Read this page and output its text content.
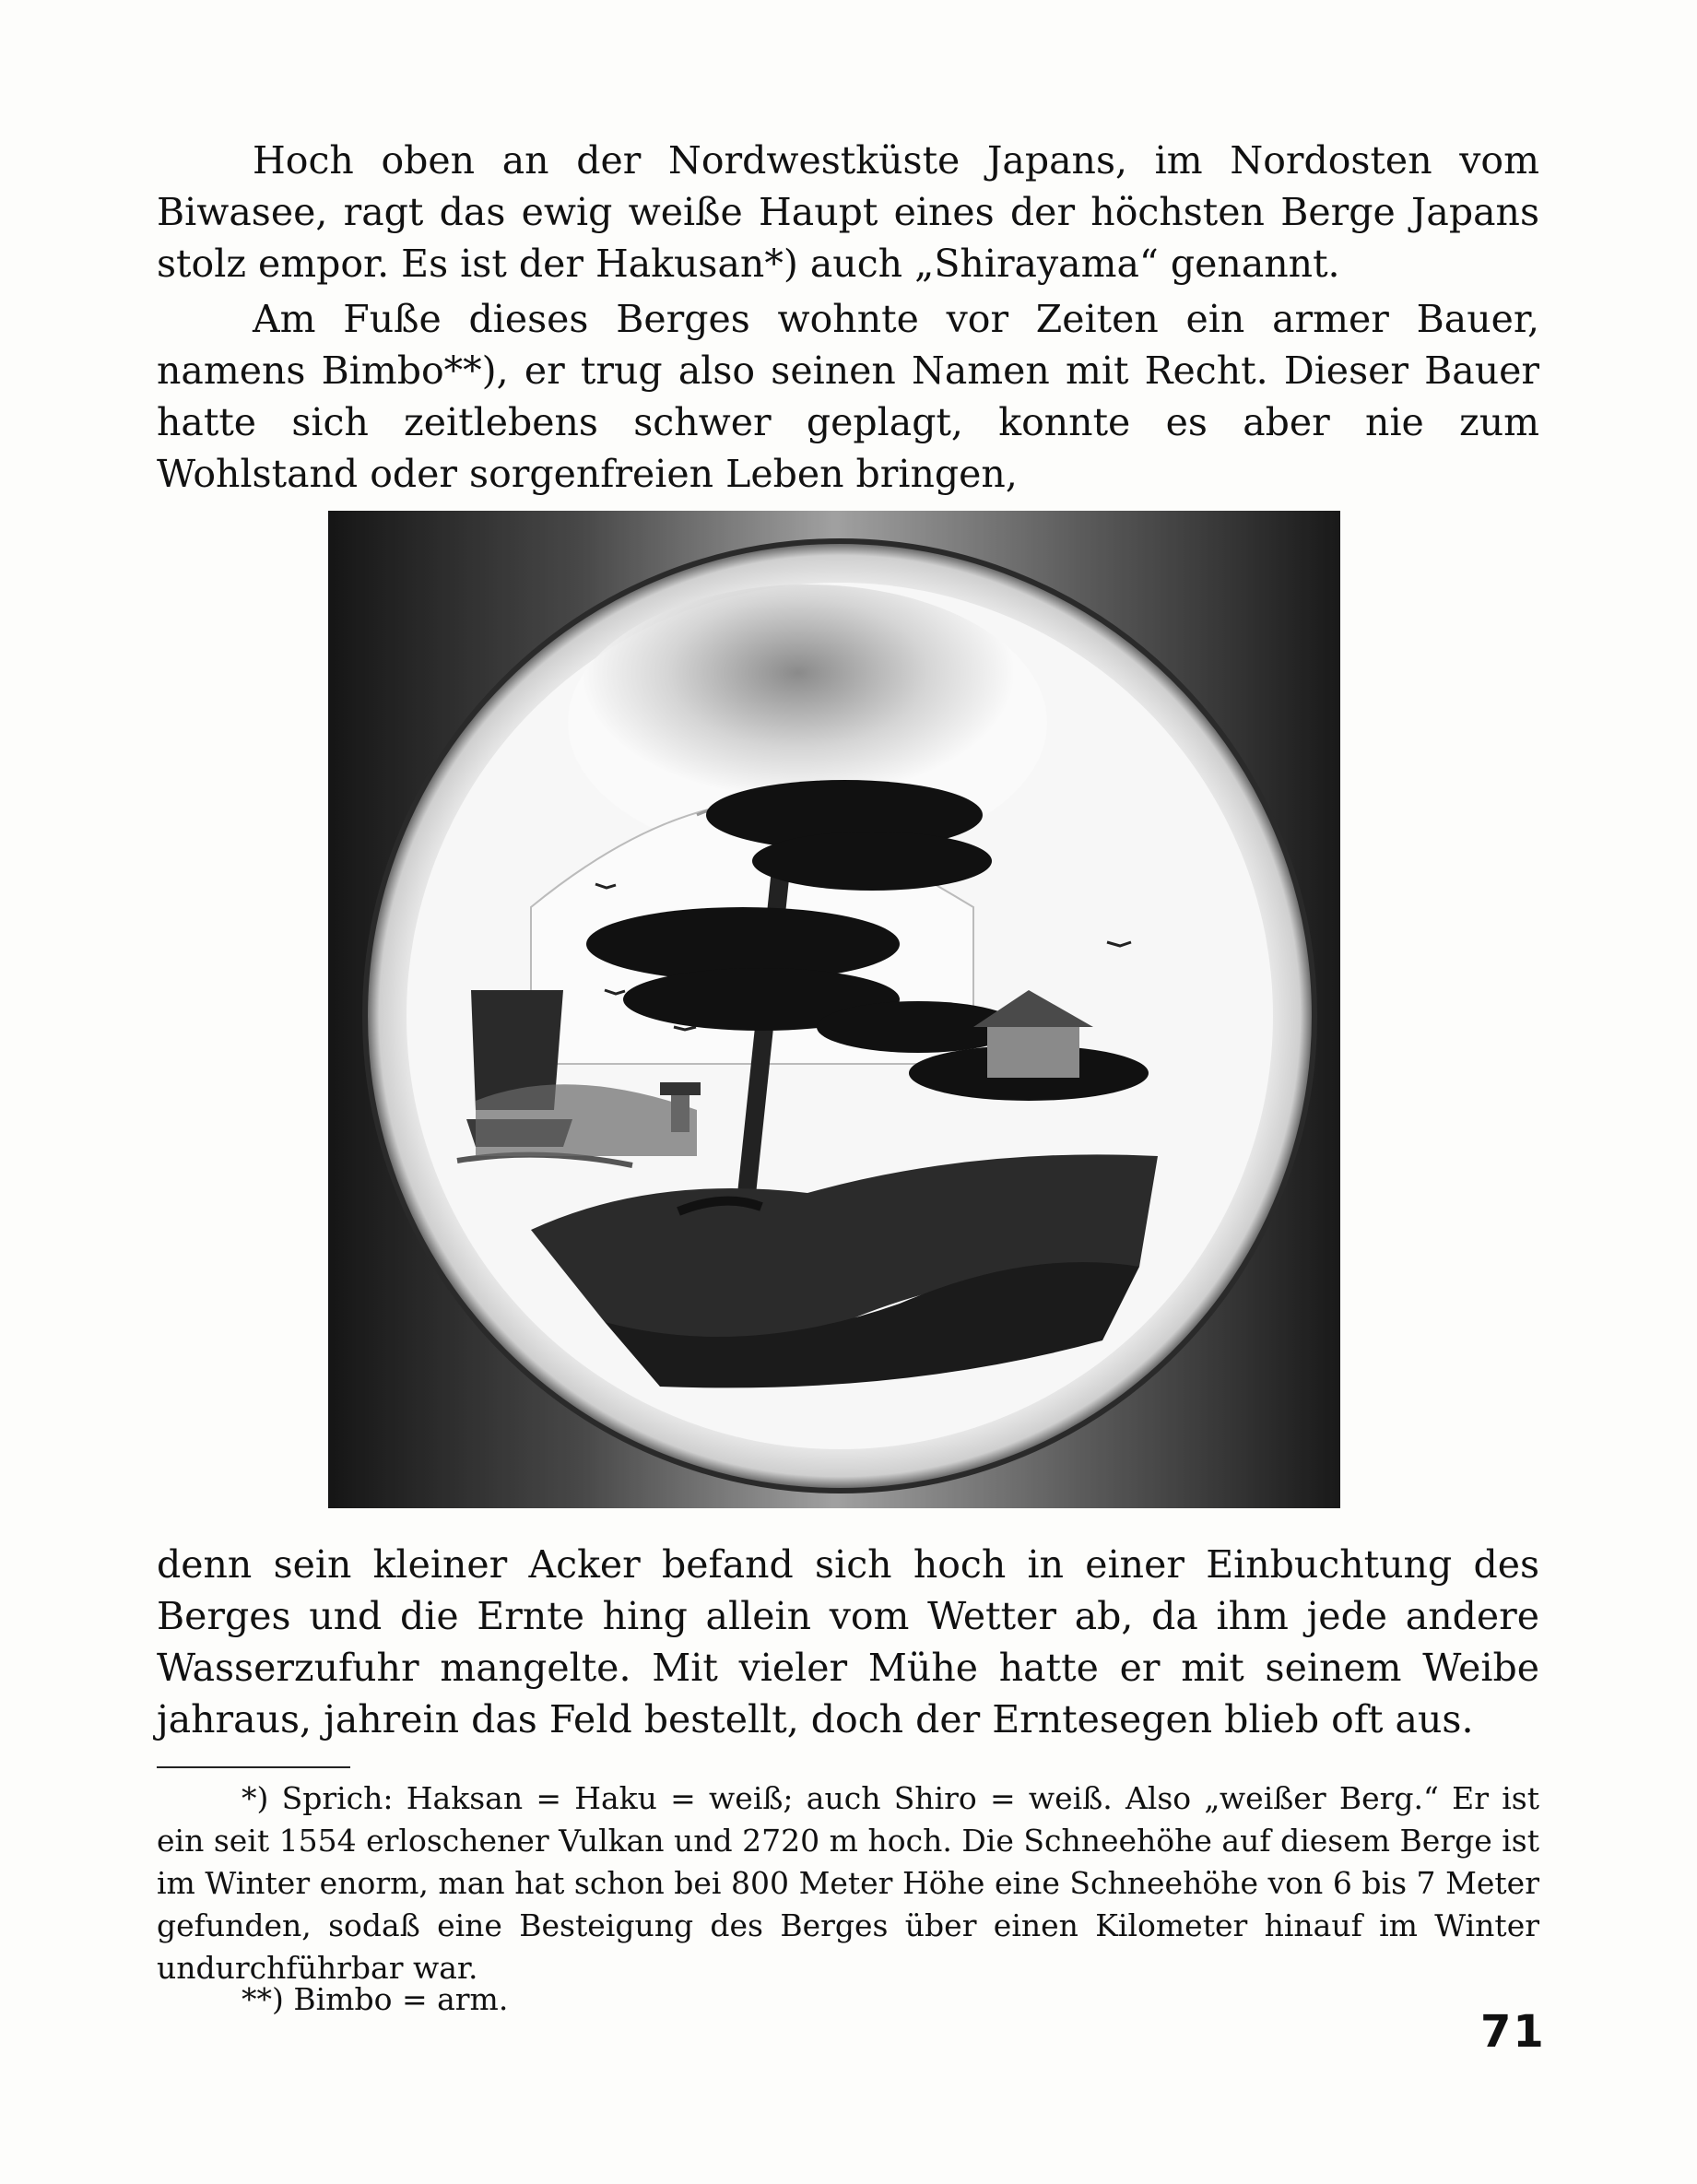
Hoch oben an der Nordwestküste Japans, im Nordosten vom Biwasee, ragt das ewig weiße Haupt eines der höchsten Berge Japans stolz empor. Es ist der Hakusan*) auch „Shirayama“ genannt.

Am Fuße dieses Berges wohnte vor Zeiten ein armer Bauer, namens Bimbo**), er trug also seinen Namen mit Recht. Dieser Bauer hatte sich zeitlebens schwer geplagt, konnte es aber nie zum Wohlstand oder sorgenfreien Leben bringen,

denn sein kleiner Acker befand sich hoch in einer Einbuchtung des Berges und die Ernte hing allein vom Wetter ab, da ihm jede andere Wasserzufuhr mangelte. Mit vieler Mühe hatte er mit seinem Weibe jahraus, jahrein das Feld bestellt, doch der Erntesegen blieb oft aus.

*) Sprich: Haksan = Haku = weiß; auch Shiro = weiß. Also „weißer Berg.“ Er ist ein seit 1554 erloschener Vulkan und 2720 m hoch. Die Schneehöhe auf diesem Berge ist im Winter enorm, man hat schon bei 800 Meter Höhe eine Schneehöhe von 6 bis 7 Meter gefunden, sodaß eine Besteigung des Berges über einen Kilometer hinauf im Winter undurchführbar war.

**) Bimbo = arm.

71
